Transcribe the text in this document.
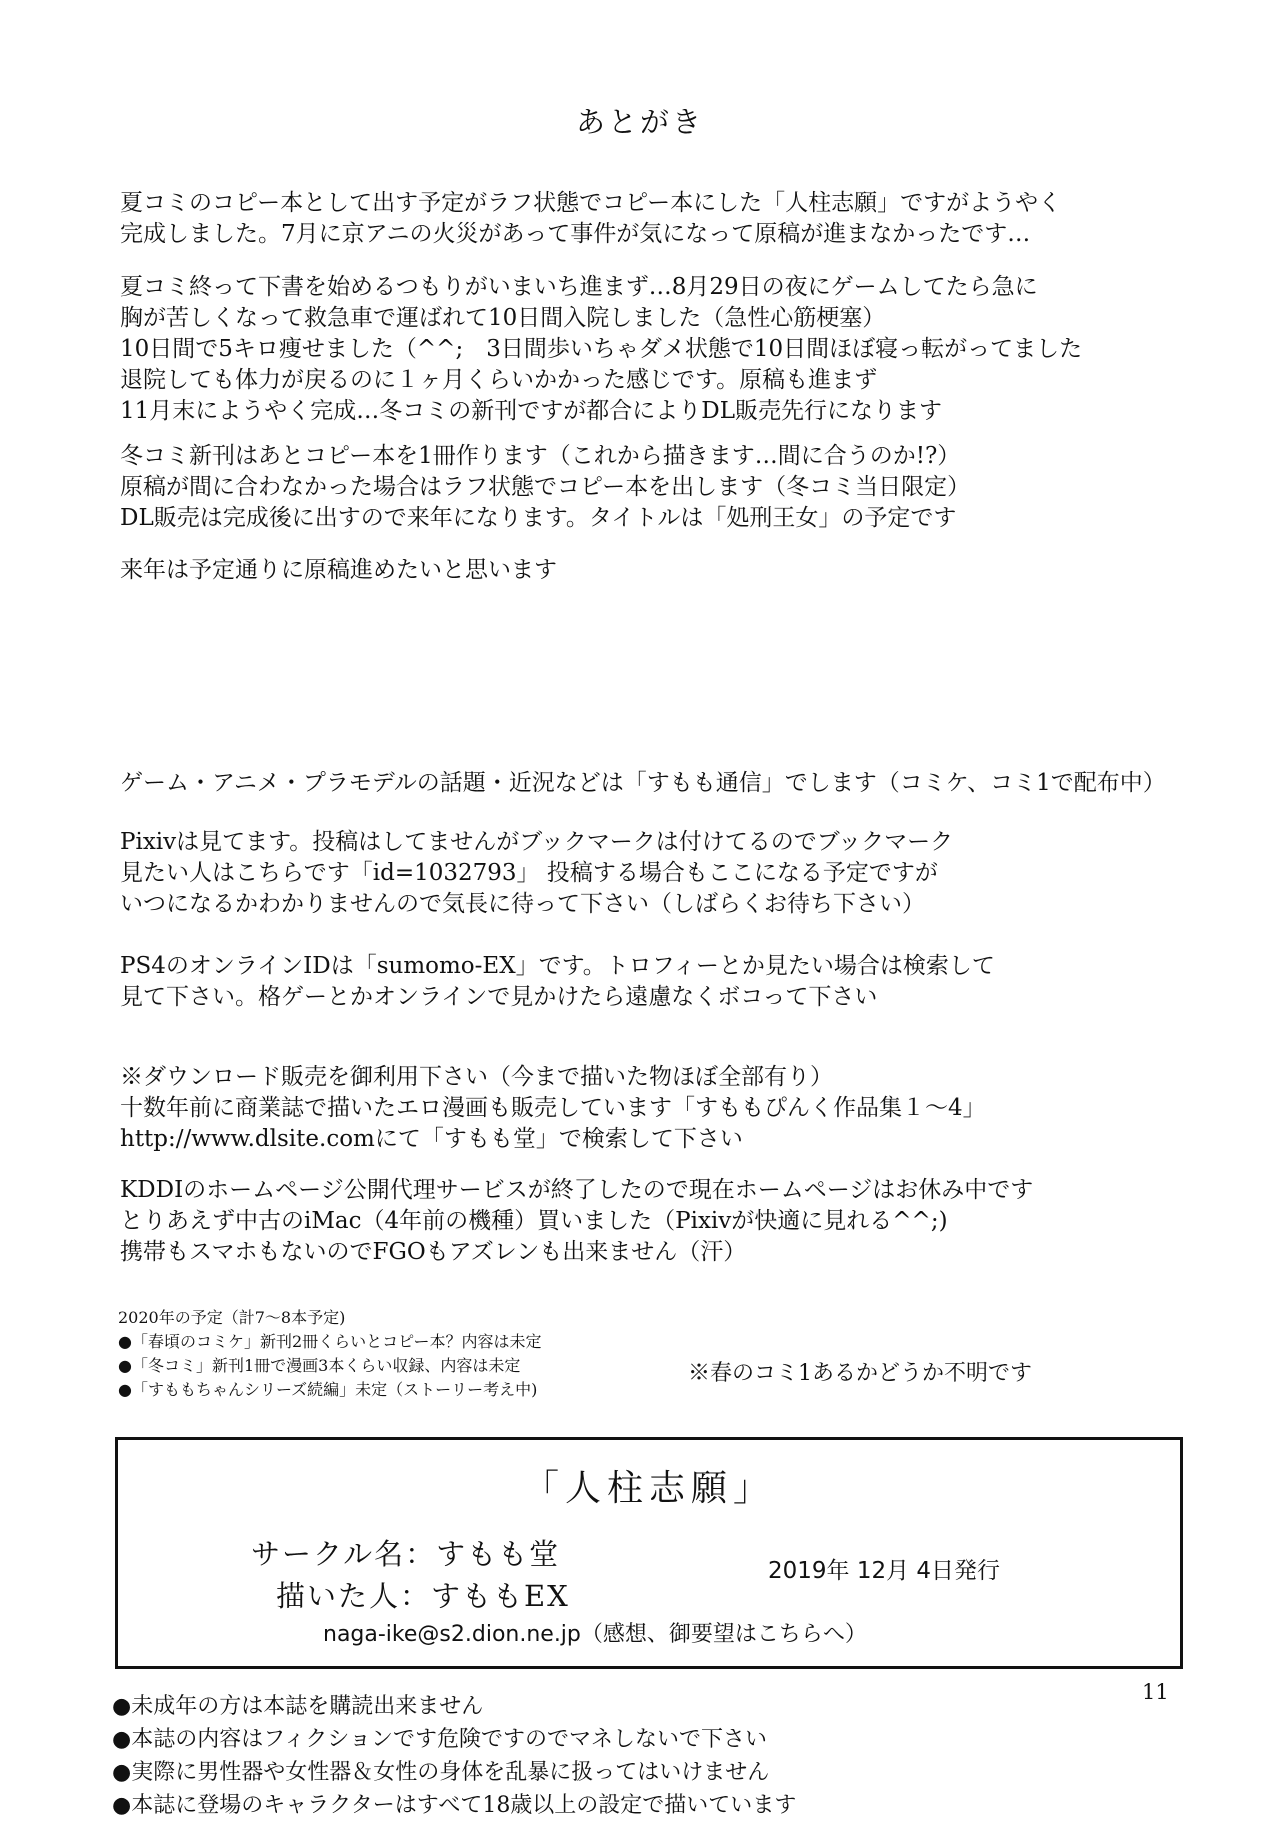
あとがき
夏コミのコピー本として出す予定がラフ状態でコピー本にした「人柱志願」ですがようやく
完成しました。7月に京アニの火災があって事件が気になって原稿が進まなかったです…
夏コミ終って下書を始めるつもりがいまいち進まず…8月29日の夜にゲームしてたら急に
胸が苦しくなって救急車で運ばれて10日間入院しました（急性心筋梗塞）
10日間で5キロ痩せました（^^;　3日間歩いちゃダメ状態で10日間ほぼ寝っ転がってました
退院しても体力が戻るのに１ヶ月くらいかかった感じです。原稿も進まず
11月末にようやく完成…冬コミの新刊ですが都合によりDL販売先行になります
冬コミ新刊はあとコピー本を1冊作ります（これから描きます…間に合うのか!?）
原稿が間に合わなかった場合はラフ状態でコピー本を出します（冬コミ当日限定）
DL販売は完成後に出すので来年になります。タイトルは「処刑王女」の予定です
来年は予定通りに原稿進めたいと思います
ゲーム・アニメ・プラモデルの話題・近況などは「すもも通信」でします（コミケ、コミ1で配布中）
Pixivは見てます。投稿はしてませんがブックマークは付けてるのでブックマーク
見たい人はこちらです「id=1032793」 投稿する場合もここになる予定ですが
いつになるかわかりませんので気長に待って下さい（しばらくお待ち下さい）
PS4のオンラインIDは「sumomo-EX」です。トロフィーとか見たい場合は検索して
見て下さい。格ゲーとかオンラインで見かけたら遠慮なくボコって下さい
※ダウンロード販売を御利用下さい（今まで描いた物ほぼ全部有り）
十数年前に商業誌で描いたエロ漫画も販売しています「すももぴんく作品集１～4」
http://www.dlsite.comにて「すもも堂」で検索して下さい
KDDIのホームページ公開代理サービスが終了したので現在ホームページはお休み中です
とりあえず中古のiMac（4年前の機種）買いました（Pixivが快適に見れる^^;)
携帯もスマホもないのでFGOもアズレンも出来ません（汗）
2020年の予定（計7～8本予定)
●「春頃のコミケ」新刊2冊くらいとコピー本？内容は未定
●「冬コミ」新刊1冊で漫画3本くらい収録、内容は未定
●「すももちゃんシリーズ続編」未定（ストーリー考え中)
※春のコミ1あるかどうか不明です
「人柱志願」
サークル名：すもも堂
描いた人：すももEX
2019年 12月 4日発行
naga-ike@s2.dion.ne.jp（感想、御要望はこちらへ）
11
●未成年の方は本誌を購読出来ません
●本誌の内容はフィクションです危険ですのでマネしないで下さい
●実際に男性器や女性器＆女性の身体を乱暴に扱ってはいけません
●本誌に登場のキャラクターはすべて18歳以上の設定で描いています
